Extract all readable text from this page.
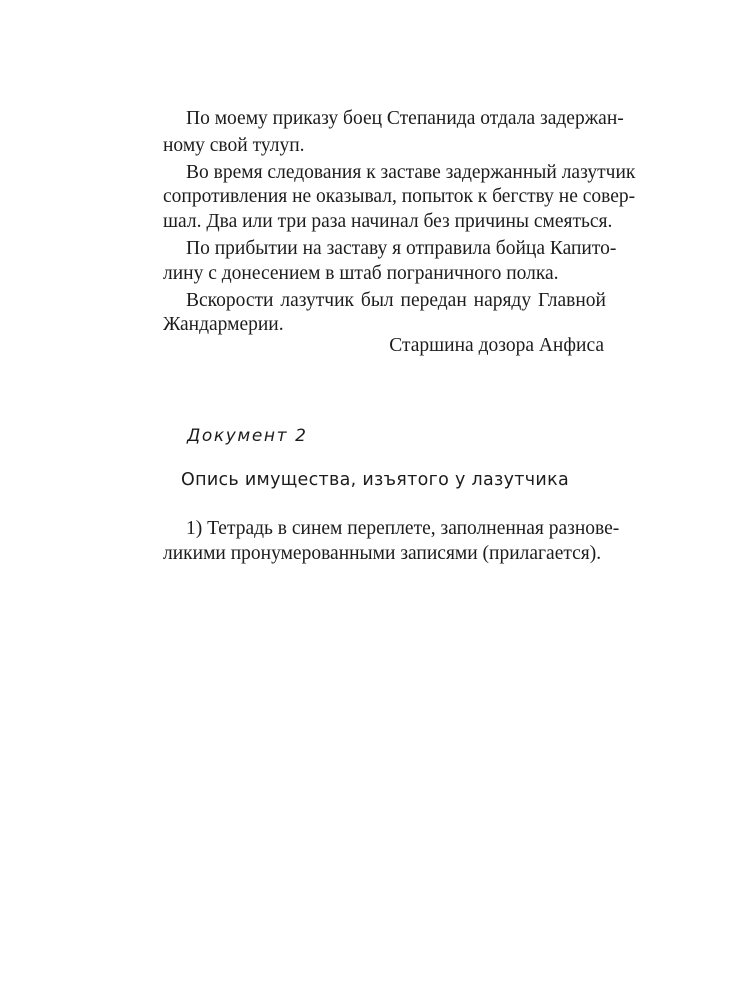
По моему приказу боец Степанида отдала задержан-

ному свой тулуп.

Во время следования к заставе задержанный лазутчик

сопротивления не оказывал, попыток к бегству не совер-

шал. Два или три раза начинал без причины смеяться.

По прибытии на заставу я отправила бойца Капито-

лину с донесением в штаб пограничного полка.

Вскорости лазутчик был передан наряду Главной

Жандармерии.

Старшина дозора Анфиса
Документ 2
Опись имущества, изъятого у лазутчика

1) Тетрадь в синем переплете, заполненная разнове-

ликими пронумерованными записями (прилагается).
